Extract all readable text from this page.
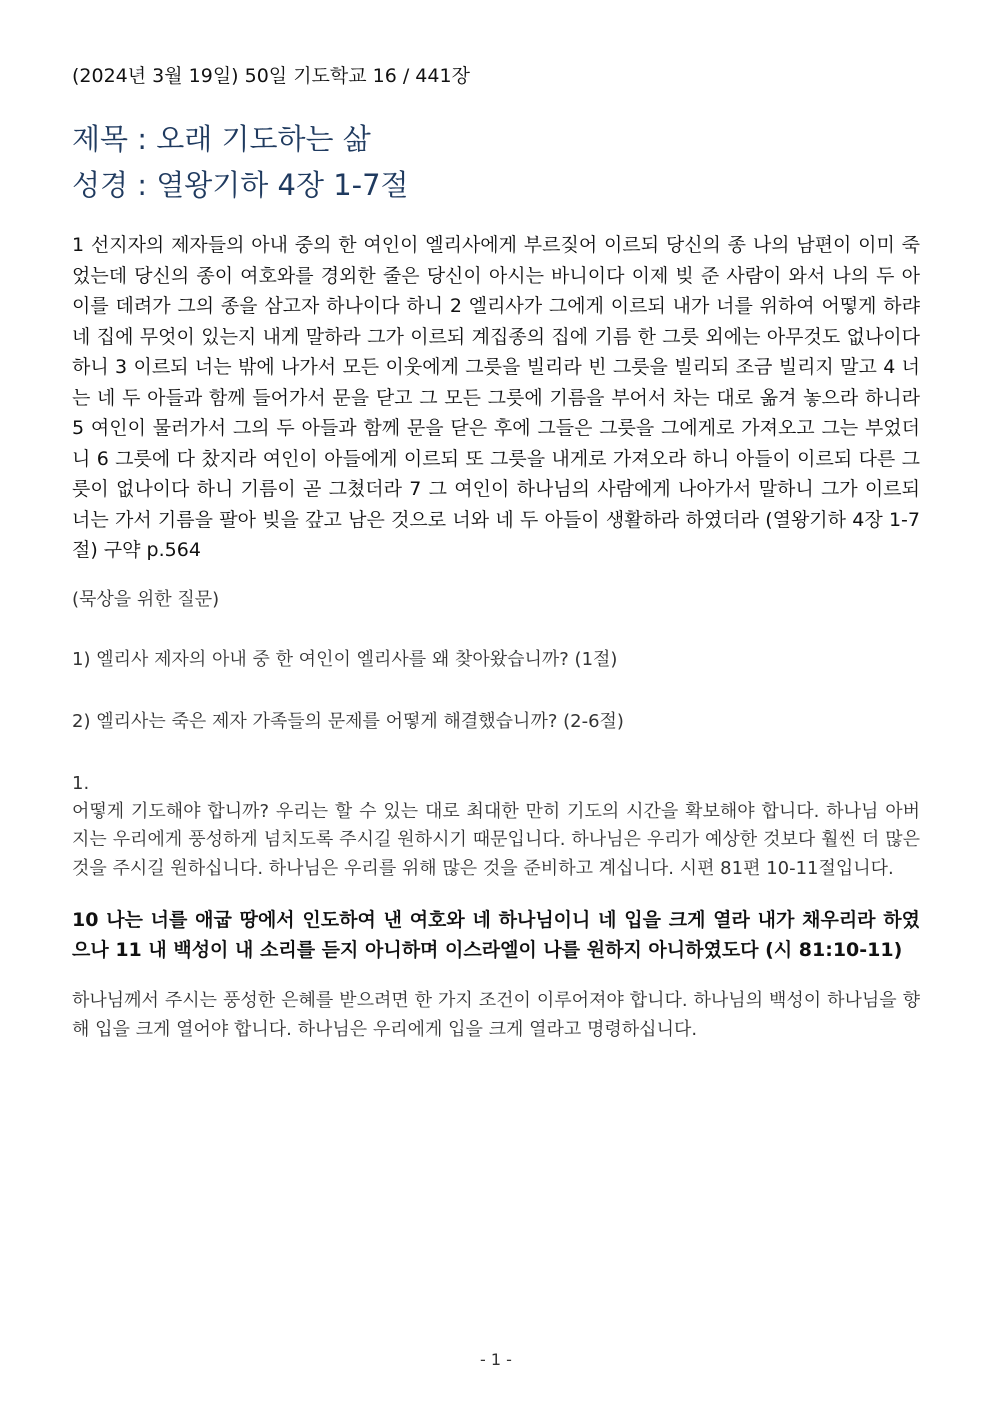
(2024년 3월 19일) 50일 기도학교 16 / 441장
제목 : 오래 기도하는 삶
성경 : 열왕기하 4장 1-7절
1 선지자의 제자들의 아내 중의 한 여인이 엘리사에게 부르짖어 이르되 당신의 종 나의 남편이 이미 죽었는데 당신의 종이 여호와를 경외한 줄은 당신이 아시는 바니이다 이제 빚 준 사람이 와서 나의 두 아이를 데려가 그의 종을 삼고자 하나이다 하니 2 엘리사가 그에게 이르되 내가 너를 위하여 어떻게 하랴 네 집에 무엇이 있는지 내게 말하라 그가 이르되 계집종의 집에 기름 한 그릇 외에는 아무것도 없나이다 하니 3 이르되 너는 밖에 나가서 모든 이웃에게 그릇을 빌리라 빈 그릇을 빌리되 조금 빌리지 말고 4 너는 네 두 아들과 함께 들어가서 문을 닫고 그 모든 그릇에 기름을 부어서 차는 대로 옮겨 놓으라 하니라 5 여인이 물러가서 그의 두 아들과 함께 문을 닫은 후에 그들은 그릇을 그에게로 가져오고 그는 부었더니 6 그릇에 다 찼지라 여인이 아들에게 이르되 또 그릇을 내게로 가져오라 하니 아들이 이르되 다른 그릇이 없나이다 하니 기름이 곧 그쳤더라 7 그 여인이 하나님의 사람에게 나아가서 말하니 그가 이르되 너는 가서 기름을 팔아 빚을 갚고 남은 것으로 너와 네 두 아들이 생활하라 하였더라 (열왕기하 4장 1-7절) 구약 p.564
(묵상을 위한 질문)
1) 엘리사 제자의 아내 중 한 여인이 엘리사를 왜 찾아왔습니까? (1절)
2) 엘리사는 죽은 제자 가족들의 문제를 어떻게 해결했습니까? (2-6절)
1.
어떻게 기도해야 합니까? 우리는 할 수 있는 대로 최대한 만히 기도의 시간을 확보해야 합니다. 하나님 아버지는 우리에게 풍성하게 넘치도록 주시길 원하시기 때문입니다. 하나님은 우리가 예상한 것보다 훨씬 더 많은 것을 주시길 원하십니다. 하나님은 우리를 위해 많은 것을 준비하고 계십니다. 시편 81편 10-11절입니다.
10 나는 너를 애굽 땅에서 인도하여 낸 여호와 네 하나님이니 네 입을 크게 열라 내가 채우리라 하였으나 11 내 백성이 내 소리를 듣지 아니하며 이스라엘이 나를 원하지 아니하였도다 (시 81:10-11)
하나님께서 주시는 풍성한 은혜를 받으려면 한 가지 조건이 이루어져야 합니다. 하나님의 백성이 하나님을 향해 입을 크게 열어야 합니다. 하나님은 우리에게 입을 크게 열라고 명령하십니다.
- 1 -
